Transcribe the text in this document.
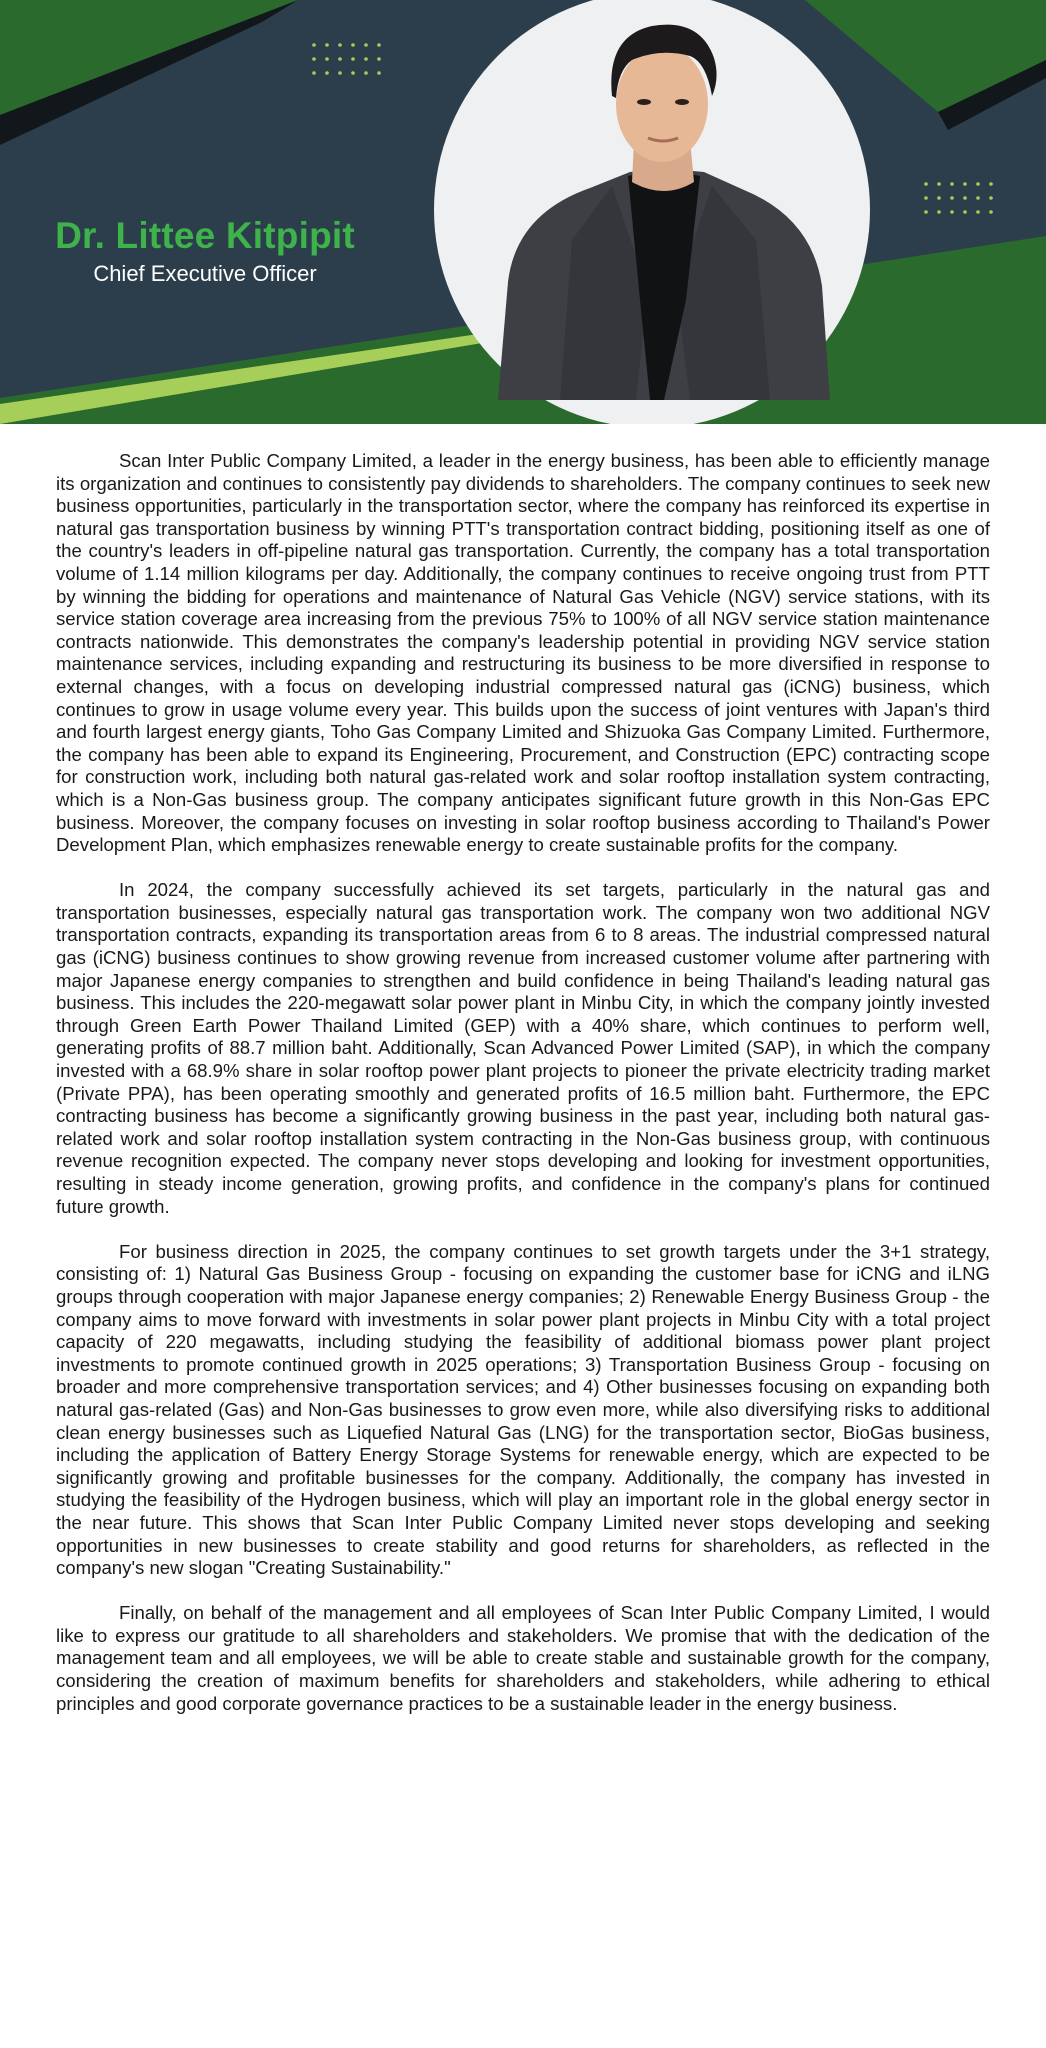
Dr. Littee Kitpipit
Chief Executive Officer

Scan Inter Public Company Limited, a leader in the energy business, has been able to efficiently manage its organization and continues to consistently pay dividends to shareholders. The company continues to seek new business opportunities, particularly in the transportation sector, where the company has reinforced its expertise in natural gas transportation business by winning PTT's transportation contract bidding, positioning itself as one of the country's leaders in off-pipeline natural gas transportation. Currently, the company has a total transportation volume of 1.14 million kilograms per day. Additionally, the company continues to receive ongoing trust from PTT by winning the bidding for operations and maintenance of Natural Gas Vehicle (NGV) service stations, with its service station coverage area increasing from the previous 75% to 100% of all NGV service station maintenance contracts nationwide. This demonstrates the company's leadership potential in providing NGV service station maintenance services, including expanding and restructuring its business to be more diversified in response to external changes, with a focus on developing industrial compressed natural gas (iCNG) business, which continues to grow in usage volume every year. This builds upon the success of joint ventures with Japan's third and fourth largest energy giants, Toho Gas Company Limited and Shizuoka Gas Company Limited. Furthermore, the company has been able to expand its Engineering, Procurement, and Construction (EPC) contracting scope for construction work, including both natural gas-related work and solar rooftop installation system contracting, which is a Non-Gas business group. The company anticipates significant future growth in this Non-Gas EPC business. Moreover, the company focuses on investing in solar rooftop business according to Thailand's Power Development Plan, which emphasizes renewable energy to create sustainable profits for the company.

In 2024, the company successfully achieved its set targets, particularly in the natural gas and transportation businesses, especially natural gas transportation work. The company won two additional NGV transportation contracts, expanding its transportation areas from 6 to 8 areas. The industrial compressed natural gas (iCNG) business continues to show growing revenue from increased customer volume after partnering with major Japanese energy companies to strengthen and build confidence in being Thailand's leading natural gas business. This includes the 220-megawatt solar power plant in Minbu City, in which the company jointly invested through Green Earth Power Thailand Limited (GEP) with a 40% share, which continues to perform well, generating profits of 88.7 million baht. Additionally, Scan Advanced Power Limited (SAP), in which the company invested with a 68.9% share in solar rooftop power plant projects to pioneer the private electricity trading market (Private PPA), has been operating smoothly and generated profits of 16.5 million baht. Furthermore, the EPC contracting business has become a significantly growing business in the past year, including both natural gas-related work and solar rooftop installation system contracting in the Non-Gas business group, with continuous revenue recognition expected. The company never stops developing and looking for investment opportunities, resulting in steady income generation, growing profits, and confidence in the company's plans for continued future growth.

For business direction in 2025, the company continues to set growth targets under the 3+1 strategy, consisting of: 1) Natural Gas Business Group - focusing on expanding the customer base for iCNG and iLNG groups through cooperation with major Japanese energy companies; 2) Renewable Energy Business Group - the company aims to move forward with investments in solar power plant projects in Minbu City with a total project capacity of 220 megawatts, including studying the feasibility of additional biomass power plant project investments to promote continued growth in 2025 operations; 3) Transportation Business Group - focusing on broader and more comprehensive transportation services; and 4) Other businesses focusing on expanding both natural gas-related (Gas) and Non-Gas businesses to grow even more, while also diversifying risks to additional clean energy businesses such as Liquefied Natural Gas (LNG) for the transportation sector, BioGas business, including the application of Battery Energy Storage Systems for renewable energy, which are expected to be significantly growing and profitable businesses for the company. Additionally, the company has invested in studying the feasibility of the Hydrogen business, which will play an important role in the global energy sector in the near future. This shows that Scan Inter Public Company Limited never stops developing and seeking opportunities in new businesses to create stability and good returns for shareholders, as reflected in the company's new slogan "Creating Sustainability."

Finally, on behalf of the management and all employees of Scan Inter Public Company Limited, I would like to express our gratitude to all shareholders and stakeholders. We promise that with the dedication of the management team and all employees, we will be able to create stable and sustainable growth for the company, considering the creation of maximum benefits for shareholders and stakeholders, while adhering to ethical principles and good corporate governance practices to be a sustainable leader in the energy business.
